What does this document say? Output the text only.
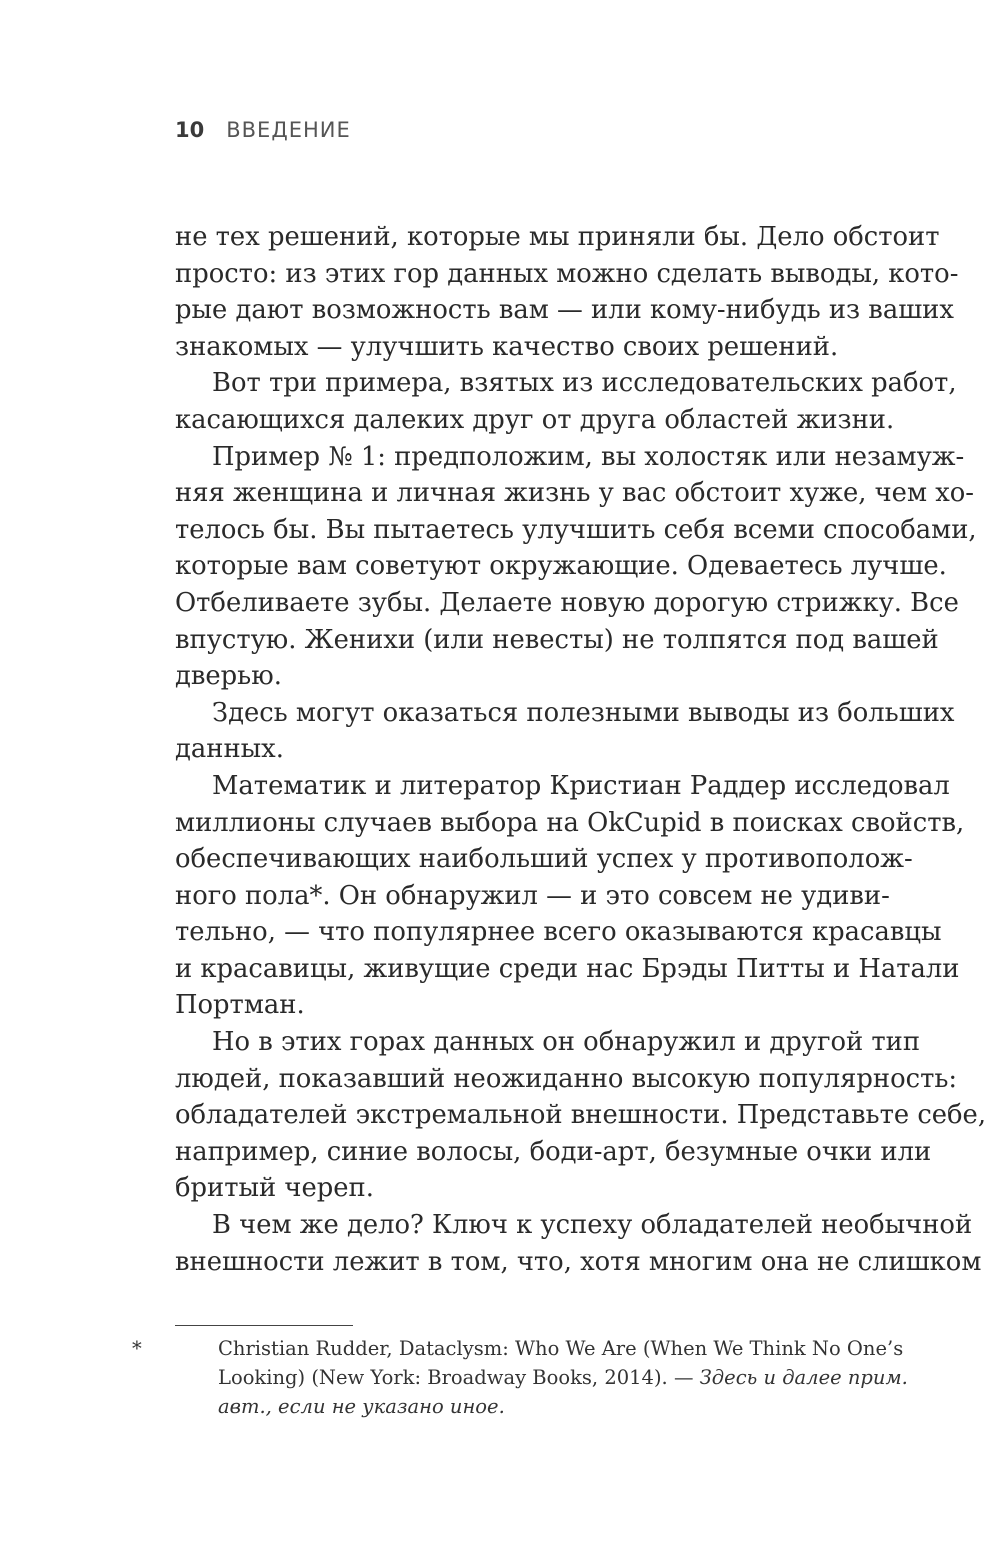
10 ВВЕДЕНИЕ
не тех решений, которые мы приняли бы. Дело обстоит
просто: из этих гор данных можно сделать выводы, кото-
рые дают возможность вам — или кому-нибудь из ваших
знакомых — улучшить качество своих решений.
Вот три примера, взятых из исследовательских работ,
касающихся далеких друг от друга областей жизни.
Пример № 1: предположим, вы холостяк или незамуж-
няя женщина и личная жизнь у вас обстоит хуже, чем хо-
телось бы. Вы пытаетесь улучшить себя всеми способами,
которые вам советуют окружающие. Одеваетесь лучше.
Отбеливаете зубы. Делаете новую дорогую стрижку. Все
впустую. Женихи (или невесты) не толпятся под вашей
дверью.
Здесь могут оказаться полезными выводы из больших
данных.
Математик и литератор Кристиан Раддер исследовал
миллионы случаев выбора на OkCupid в поисках свойств,
обеспечивающих наибольший успех у противополож-
ного пола*. Он обнаружил — и это совсем не удиви-
тельно, — что популярнее всего оказываются красавцы
и красавицы, живущие среди нас Брэды Питты и Натали
Портман.
Но в этих горах данных он обнаружил и другой тип
людей, показавший неожиданно высокую популярность:
обладателей экстремальной внешности. Представьте себе,
например, синие волосы, боди-арт, безумные очки или
бритый череп.
В чем же дело? Ключ к успеху обладателей необычной
внешности лежит в том, что, хотя многим она не слишком
*	Christian Rudder, Dataclysm: Who We Are (When We Think No One’s
Looking) (New York: Broadway Books, 2014). — Здесь и далее прим.
авт., если не указано иное.
